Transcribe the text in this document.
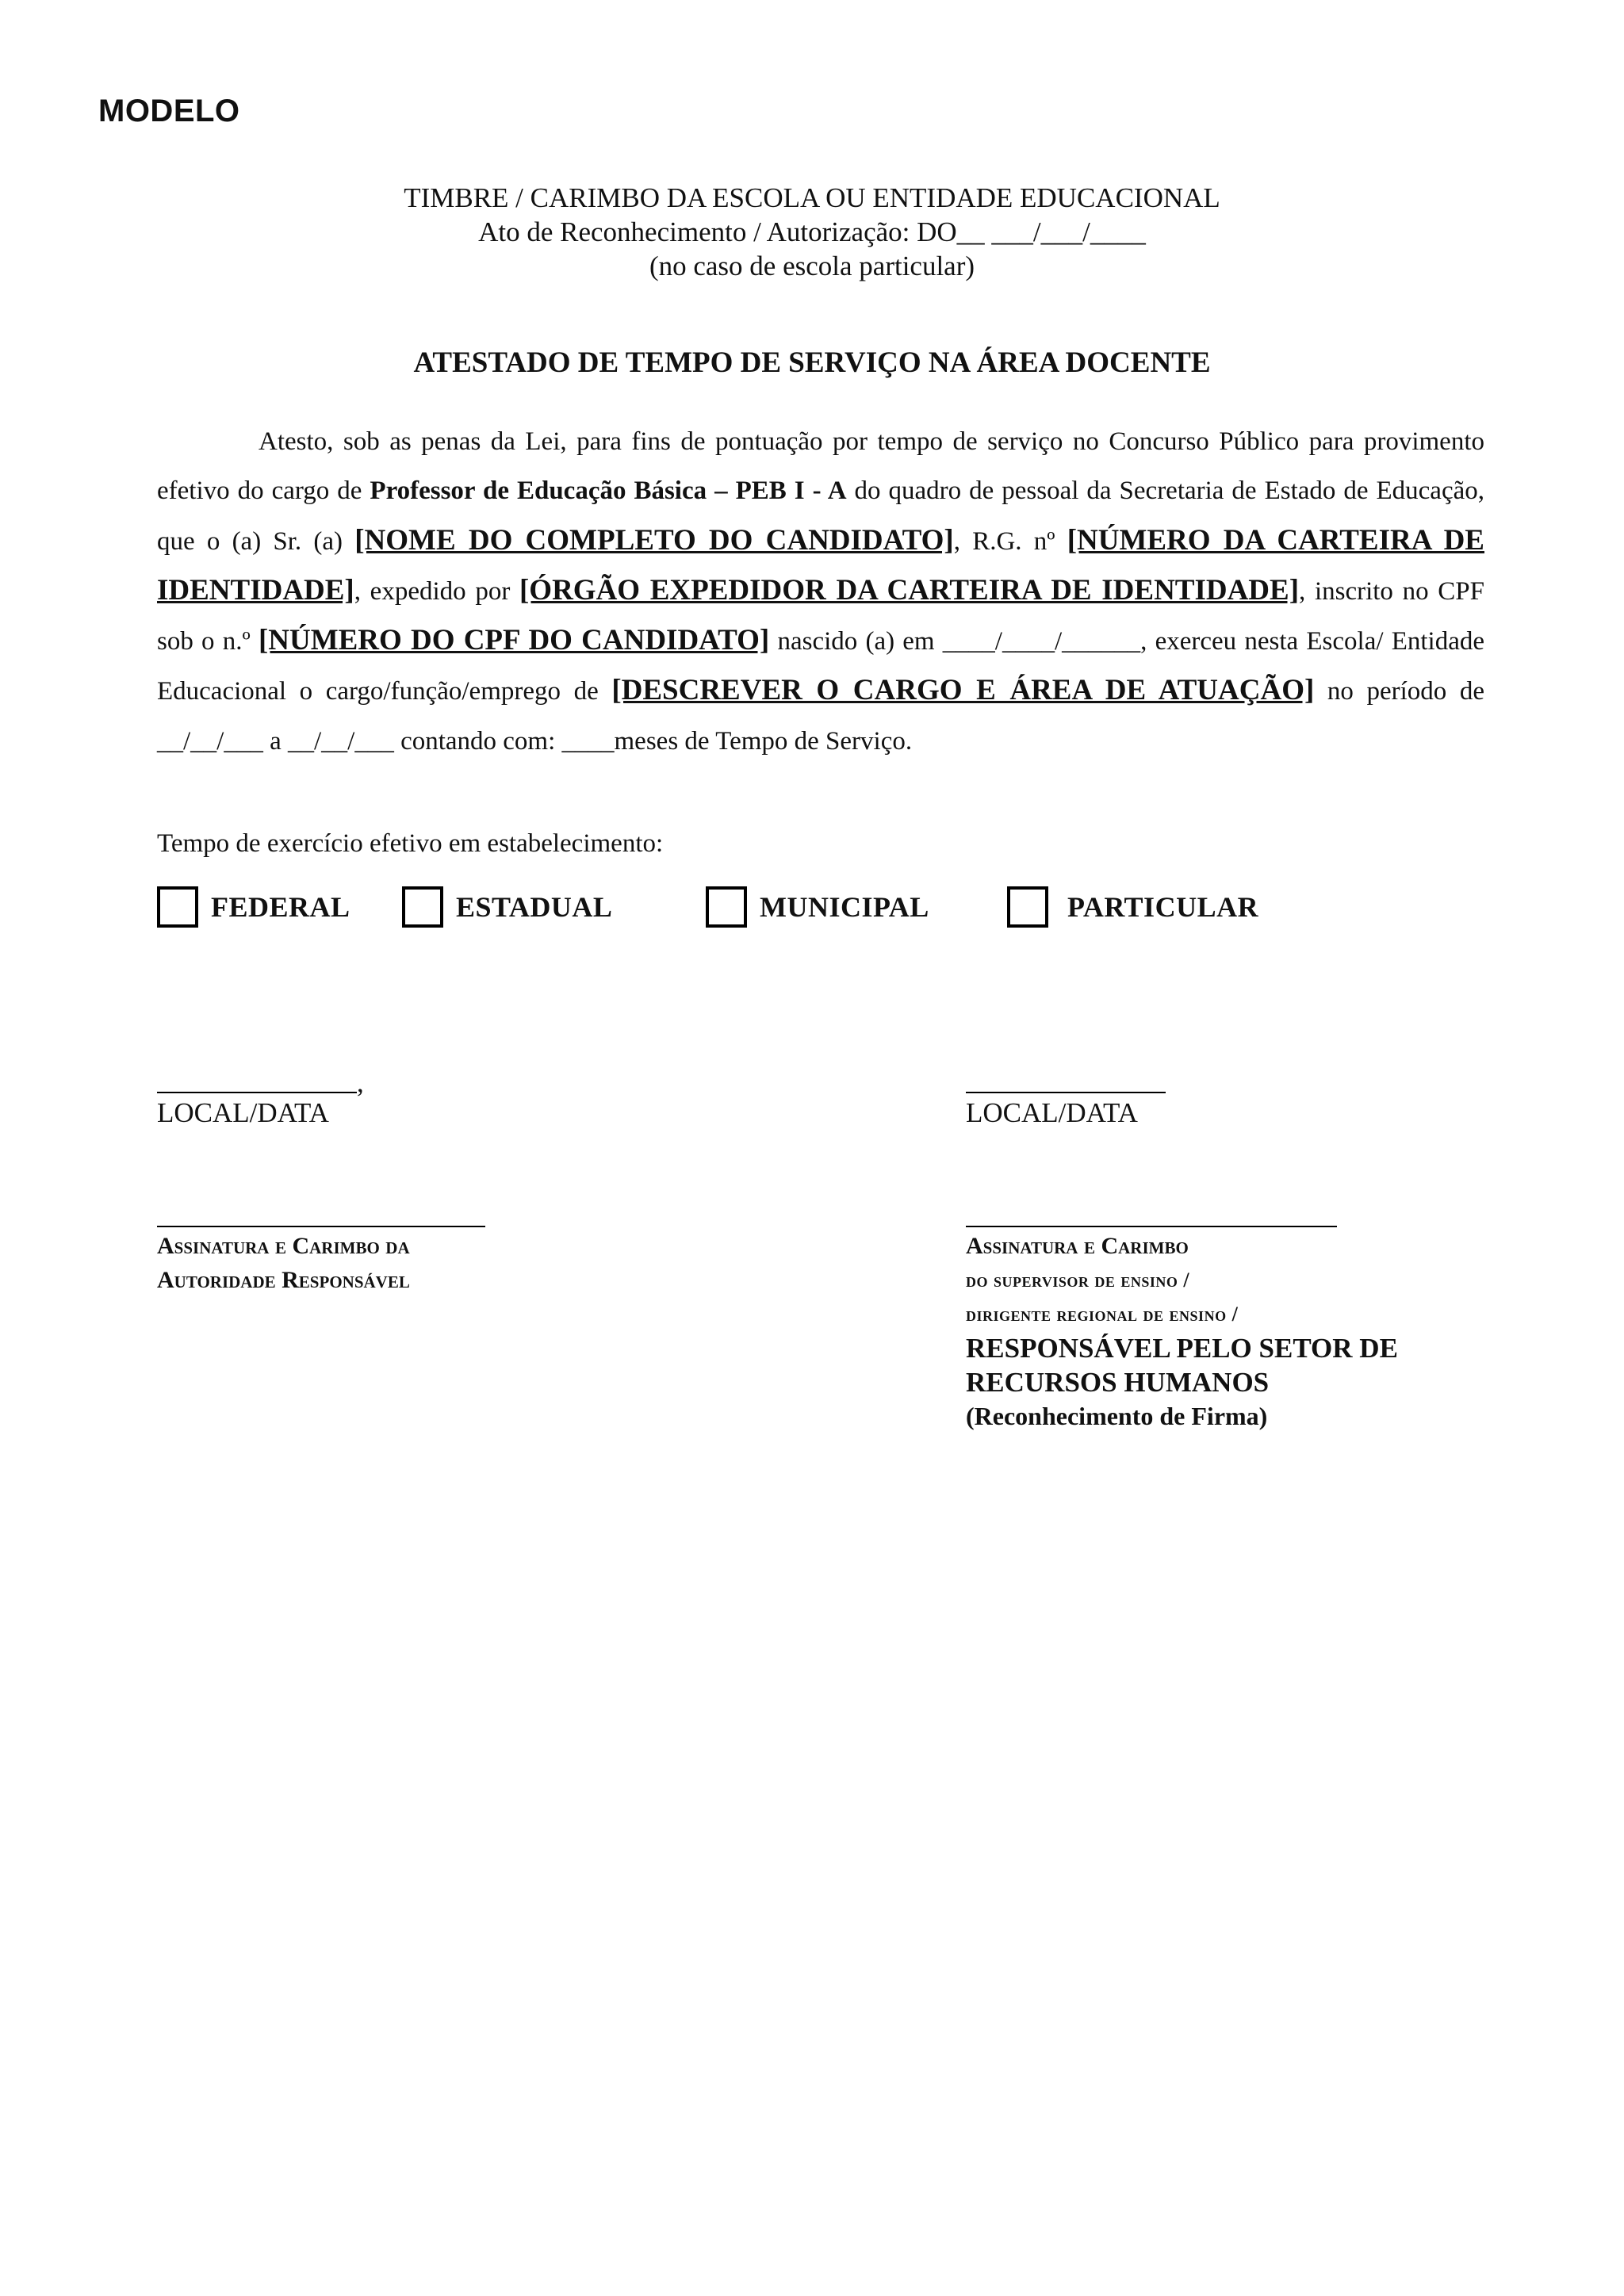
MODELO
TIMBRE / CARIMBO DA ESCOLA OU ENTIDADE EDUCACIONAL
Ato de Reconhecimento / Autorização: DO__ ___/___/____
(no caso de escola particular)
ATESTADO DE TEMPO DE SERVIÇO NA ÁREA DOCENTE

Atesto, sob as penas da Lei, para fins de pontuação por tempo de serviço no Concurso Público para provimento efetivo do cargo de Professor de Educação Básica – PEB I - A do quadro de pessoal da Secretaria de Estado de Educação, que o (a) Sr. (a) [NOME DO COMPLETO DO CANDIDATO], R.G. nº [NÚMERO DA CARTEIRA DE IDENTIDADE], expedido por [ÓRGÃO EXPEDIDOR DA CARTEIRA DE IDENTIDADE], inscrito no CPF sob o n.º [NÚMERO DO CPF DO CANDIDATO] nascido (a) em ____/____/______, exerceu nesta Escola/ Entidade Educacional o cargo/função/emprego de [DESCREVER O CARGO E ÁREA DE ATUAÇÃO] no período de __/__/___ a __/__/___ contando com: ____meses de Tempo de Serviço.

Tempo de exercício efetivo em estabelecimento:
FEDERAL	ESTADUAL	MUNICIPAL	PARTICULAR
,
LOCAL/DATA	LOCAL/DATA
Assinatura e Carimbo da
Autoridade Responsável
Assinatura e Carimbo
do supervisor de ensino /
dirigente regional de ensino /
RESPONSÁVEL PELO SETOR DE
RECURSOS HUMANOS
(Reconhecimento de Firma)
